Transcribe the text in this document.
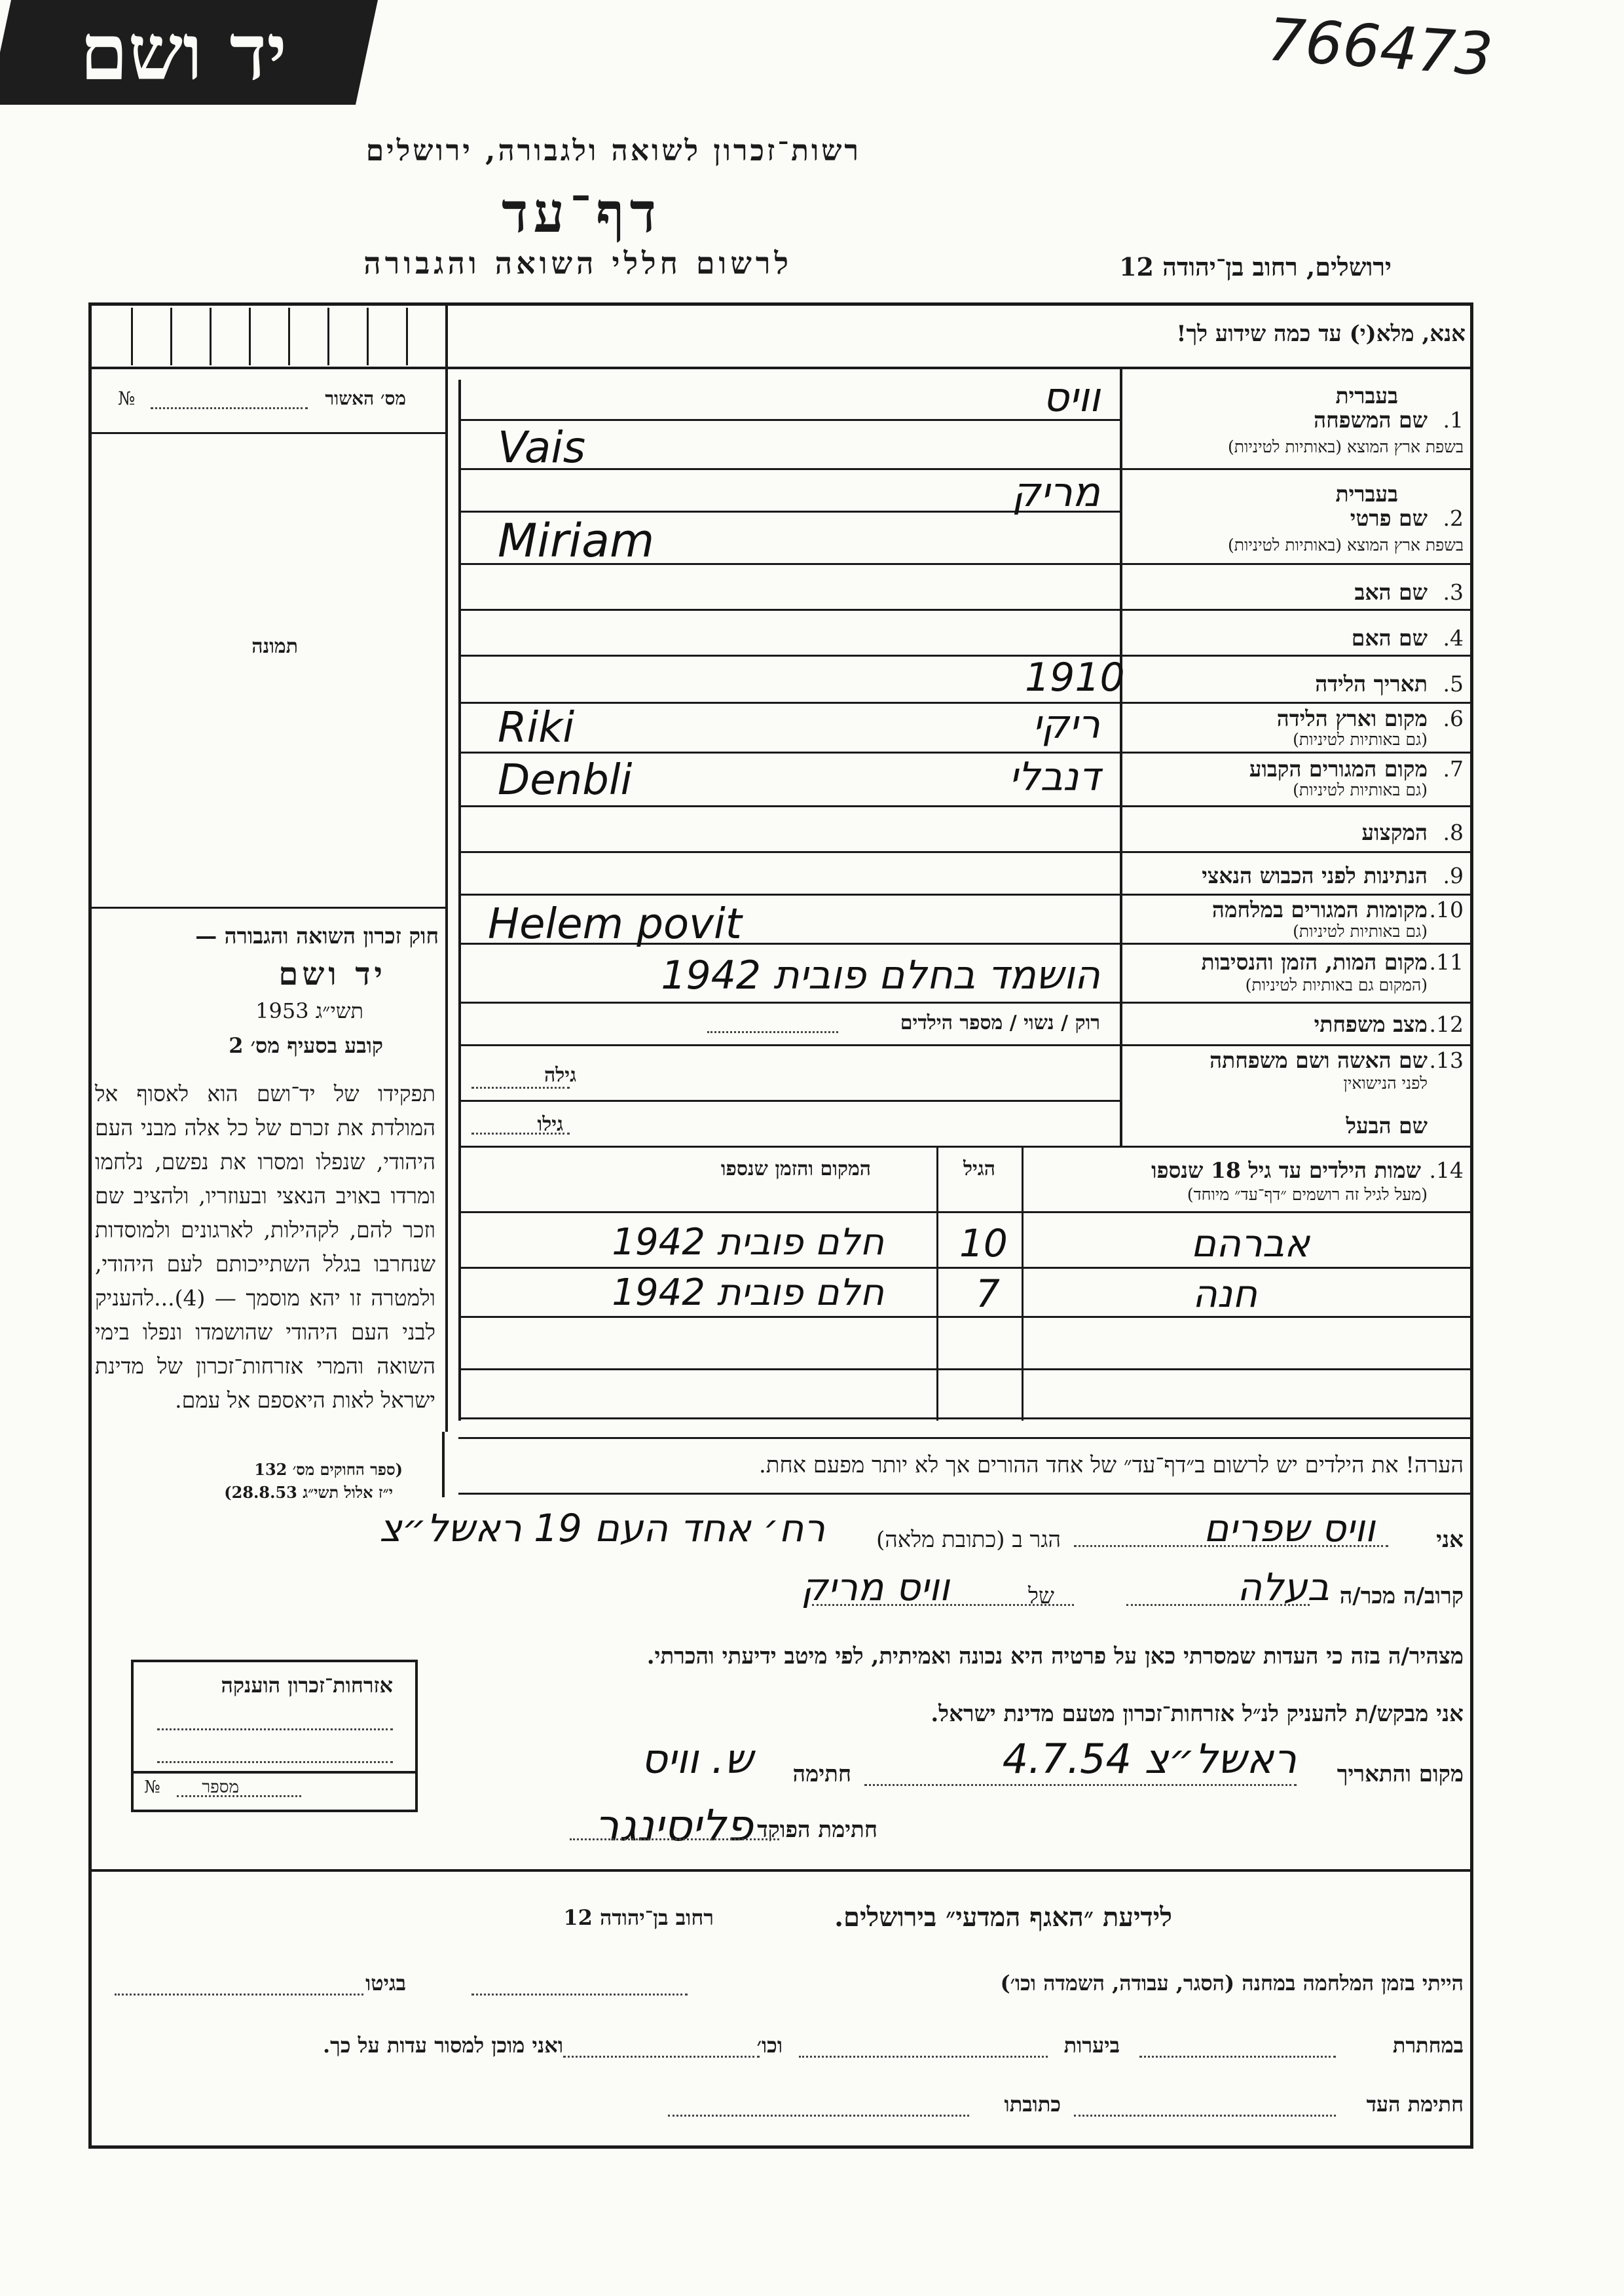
766473
רשות־זכרון לשואה ולגבורה, ירושלים
דף־עד
לרשום חללי השואה והגבורה
יד ושם
ירושלים, רחוב בן־יהודה 12
אנא, מלא(י) עד כמה שידוע לך!
מס׳ האשור
№
תמונה
חוק זכרון השואה והגבורה —
יד ושם
תשי״ג 1953
קובע בסעיף מס׳ 2
תפקידו של יד־ושם הוא לאסוף אל המולדת את זכרם של כל אלה מבני העם היהודי, שנפלו ומסרו את נפשם, נלחמו ומרדו באויב הנאצי ובעוזריו, ולהציב שם וזכר להם, לקהילות, לארגונים ולמוסדות שנחרבו בגלל השתייכותם לעם היהודי, ולמטרה זו יהא מוסמך — (4)...להעניק לבני העם היהודי שהושמדו ונפלו בימי השואה והמרי אזרחות־זכרון של מדינת ישראל לאות היאספם אל עמם.
(ספר החוקים מס׳ 132
י״ז אלול תשי״ג 28.8.53)
1.
שם המשפחה
בשפת ארץ המוצא (באותיות לטיניות)
בעברית
וויס
Vais
2.
שם פרטי
בשפת ארץ המוצא (באותיות לטיניות)
בעברית
מריק
Miriam
3.
שם האב
4.
שם האם
5.
תאריך הלידה
1910
6.
מקום וארץ הלידה
(גם באותיות לטיניות)
ריקי
Riki
7.
מקום המגורים הקבוע
(גם באותיות לטיניות)
דנבלי
Denbli
8.
המקצוע
9.
הנתינות לפני הכבוש הנאצי
10.
מקומות המגורים במלחמה
(גם באותיות לטיניות)
Helem povit
11.
מקום המות, הזמן והנסיבות
(המקום גם באותיות לטיניות)
הושמד בחלם פובית 1942
12.
מצב משפחתי
רוק / נשוי / מספר הילדים
13.
שם האשה ושם משפחתה
לפני הנישואין
גילה
שם הבעל
גילו
14.
שמות הילדים עד גיל 18 שנספו
(מעל לגיל זה רושמים ״דף־עד״ מיוחד)
הגיל
המקום והזמן שנספו
אברהם
10
חלם פובית 1942
חנה
7
חלם פובית 1942
הערה! את הילדים יש לרשום ב״דף־עד״ של אחד ההורים אך לא יותר מפעם אחת.
אני
וויס שפרים
הגר ב (כתובת מלאה)
רח׳ אחד העם 19 ראשל״צ
קרוב/ה מכר/ה
בעלה
של
וויס מריק
מצהיר/ה בזה כי העדות שמסרתי כאן על פרטיה היא נכונה ואמיתית, לפי מיטב ידיעתי והכרתי.
אני מבקש/ת להעניק לנ״ל אזרחות־זכרון מטעם מדינת ישראל.
מקום והתאריך
ראשל״צ 4.7.54
חתימה
ש. וויס
חתימת הפוקד
פליסינגר
אזרחות־זכרון הוענקה
מספר
№
לידיעת ״האגף המדעי״ בירושלים.
רחוב בן־יהודה 12
הייתי בזמן המלחמה במחנה (הסגר, עבודה, השמדה וכו׳)
בגיטו
במחתרת
ביערות
וכו׳
ואני מוכן למסור עדות על כך.
חתימת העד
כתובתו
